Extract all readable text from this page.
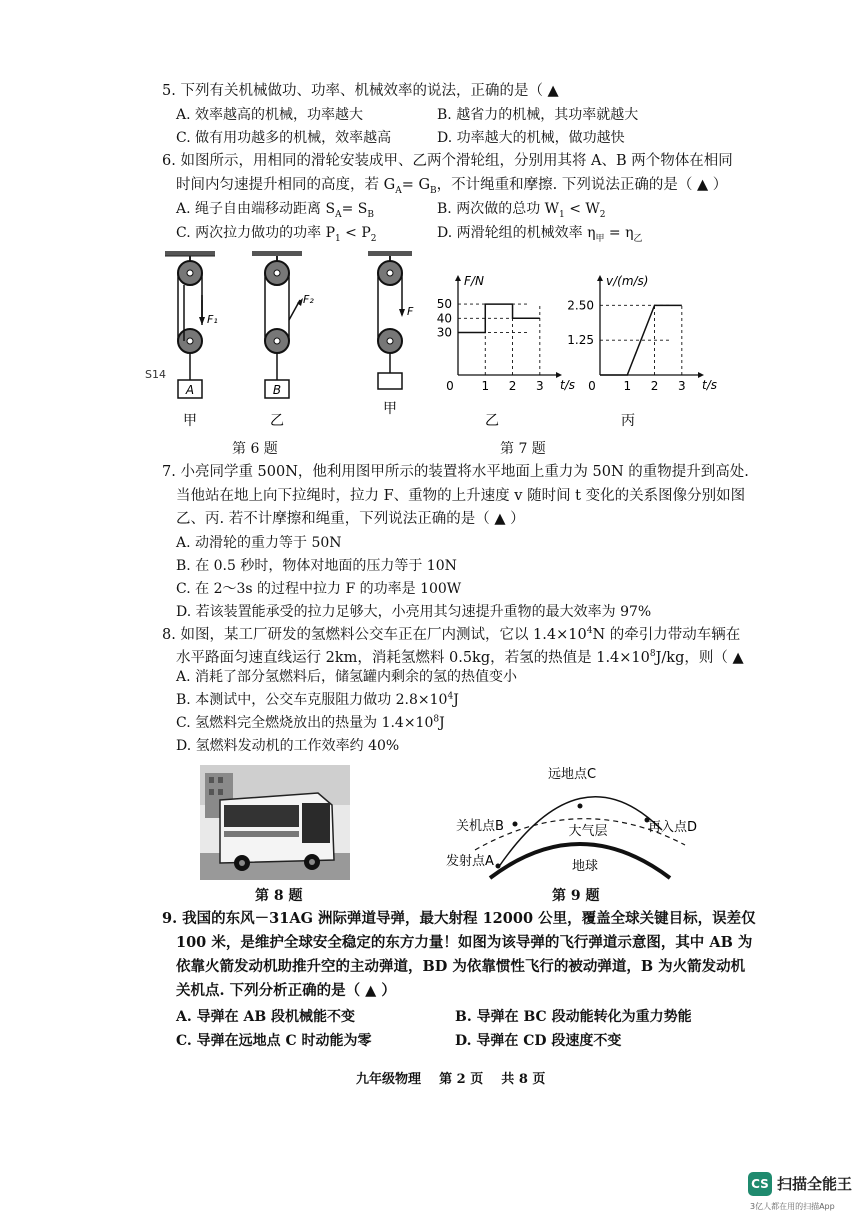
5. 下列有关机械做功、功率、机械效率的说法，正确的是（ ▲
A. 效率越高的机械，功率越大	B. 越省力的机械，其功率就越大
C. 做有用功越多的机械，效率越高	D. 功率越大的机械，做功越快
6. 如图所示，用相同的滑轮安装成甲、乙两个滑轮组，分别用其将 A、B 两个物体在相同
时间内匀速提升相同的高度，若 $G_A= G_B$，不计绳重和摩擦. 下列说法正确的是（ ▲ ）
A. 绳子自由端移动距离 $S_A= S_B$	B. 两次做的总功 $W_1 < W_2$
C. 两次拉力做功的功率 $P_1 < P_2$	D. 两滑轮组的机械效率 $\eta_甲 = \eta_乙$
A
F₁
S14
甲
B
F₂
乙
F
甲
F/N
t/s
0 1 2 3
30
40
50
乙
v/(m/s)
t/s
0 1 2 3
1.25
2.50
丙
第 6 题	第 7 题
7. 小亮同学重 500N，他利用图甲所示的装置将水平地面上重力为 50N 的重物提升到高处.
当他站在地上向下拉绳时，拉力 F、重物的上升速度 v 随时间 t 变化的关系图像分别如图
乙、丙. 若不计摩擦和绳重，下列说法正确的是（ ▲ ）
A. 动滑轮的重力等于 50N
B. 在 0.5 秒时，物体对地面的压力等于 10N
C. 在 2～3s 的过程中拉力 F 的功率是 100W
D. 若该装置能承受的拉力足够大，小亮用其匀速提升重物的最大效率为 97%
8. 如图，某工厂研发的氢燃料公交车正在厂内测试，它以 $1.4\times 10^4N$ 的牵引力带动车辆在
水平路面匀速直线运行 2km，消耗氢燃料 0.5kg，若氢的热值是 $1.4\times 10^8J/kg$，则（ ▲
A. 消耗了部分氢燃料后，储氢罐内剩余的氢的热值变小
B. 本测试中，公交车克服阻力做功 $2.8\times 10^4J$
C. 氢燃料完全燃烧放出的热量为 $1.4\times 10^8J$
D. 氢燃料发动机的工作效率约 40%
第 8 题
远地点C
关机点B	再入点D
发射点A
大气层
地球
第 9 题
9. 我国的东风－31AG 洲际弹道导弹，最大射程 12000 公里，覆盖全球关键目标，误差仅
100 米，是维护全球安全稳定的东方力量！如图为该导弹的飞行弹道示意图，其中 AB 为
依靠火箭发动机助推升空的主动弹道，BD 为依靠惯性飞行的被动弹道，B 为火箭发动机
关机点. 下列分析正确的是（ ▲ ）
A. 导弹在 AB 段机械能不变	B. 导弹在 BC 段动能转化为重力势能
C. 导弹在远地点 C 时动能为零	D. 导弹在 CD 段速度不变
九年级物理    第 2 页    共 8 页
CS 扫描全能王
3亿人都在用的扫描App
